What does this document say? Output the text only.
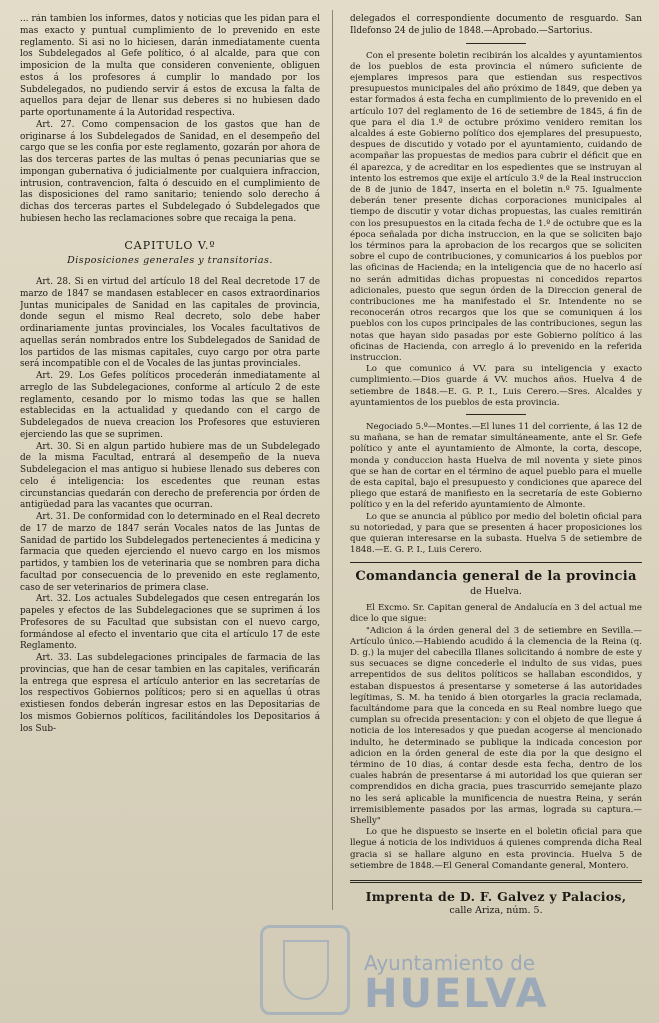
... rán tambien los informes, datos y noticias que les pidan para el mas exacto y puntual cumplimiento de lo prevenido en este reglamento. Si asi no lo hiciesen, darán inmediatamente cuenta los Subdelegados al Gefe político, ó al alcalde, para que con imposicion de la multa que consideren conveniente, obliguen estos á los profesores á cumplir lo mandado por los Subdelegados, no pudiendo servir á estos de excusa la falta de aquellos para dejar de llenar sus deberes si no hubiesen dado parte oportunamente á la Autoridad respectiva.

Art. 27. Como compensacion de los gastos que han de originarse á los Subdelegados de Sanidad, en el desempeño del cargo que se les confia por este reglamento, gozarán por ahora de las dos terceras partes de las multas ó penas pecuniarias que se impongan gubernativa ó judicialmente por cualquiera infraccion, intrusion, contravencion, falta ó descuido en el cumplimiento de las disposiciones del ramo sanitario; teniendo solo derecho á dichas dos terceras partes el Subdelegado ó Subdelegados que hubiesen hecho las reclamaciones sobre que recaiga la pena.

CAPITULO V.º

Disposiciones generales y transitorias.

Art. 28. Si en virtud del artículo 18 del Real decretode 17 de marzo de 1847 se mandasen establecer en casos extraordinarios Juntas municipales de Sanidad en las capitales de provincia, donde segun el mismo Real decreto, solo debe haber ordinariamente juntas provinciales, los Vocales facultativos de aquellas serán nombrados entre los Subdelegados de Sanidad de los partidos de las mismas capitales, cuyo cargo por otra parte será incompatible con el de Vocales de las juntas provinciales.

Art. 29. Los Gefes políticos procederán inmediatamente al arreglo de las Subdelegaciones, conforme al artículo 2 de este reglamento, cesando por lo mismo todas las que se hallen establecidas en la actualidad y quedando con el cargo de Subdelegados de nueva creacion los Profesores que estuvieren ejerciendo las que se suprimen.

Art. 30. Si en algun partido hubiere mas de un Subdelegado de la misma Facultad, entrará al desempeño de la nueva Subdelegacion el mas antiguo si hubiese llenado sus deberes con celo é inteligencia: los escedentes que reunan estas circunstancias quedarán con derecho de preferencia por órden de antigüedad para las vacantes que ocurran.

Art. 31. De conformidad con lo determinado en el Real decreto de 17 de marzo de 1847 serán Vocales natos de las Juntas de Sanidad de partido los Subdelegados pertenecientes á medicina y farmacia que queden ejerciendo el nuevo cargo en los mismos partidos, y tambien los de veterinaria que se nombren para dicha facultad por consecuencia de lo prevenido en este reglamento, caso de ser veterinarios de primera clase.

Art. 32. Los actuales Subdelegados que cesen entregarán los papeles y efectos de las Subdelegaciones que se suprimen á los Profesores de su Facultad que subsistan con el nuevo cargo, formándose al efecto el inventario que cita el artículo 17 de este Reglamento.

Art. 33. Las subdelegaciones principales de farmacia de las provincias, que han de cesar tambien en las capitales, verificarán la entrega que espresa el artículo anterior en las secretarías de los respectivos Gobiernos políticos; pero si en aquellas ú otras existiesen fondos deberán ingresar estos en las Depositarias de los mismos Gobiernos políticos, facilitándoles los Depositarios á los Sub-

delegados el correspondiente documento de resguardo. San Ildefonso 24 de julio de 1848.—Aprobado.—Sartorius.

Con el presente boletin recibirán los alcaldes y ayuntamientos de los pueblos de esta provincia el número suficiente de ejemplares impresos para que estiendan sus respectivos presupuestos municipales del año próximo de 1849, que deben ya estar formados á esta fecha en cumplimiento de lo prevenido en el artículo 107 del reglamento de 16 de setiembre de 1845, á fin de que para el dia 1.º de octubre próximo venidero remitan los alcaldes á este Gobierno político dos ejemplares del presupuesto, despues de discutido y votado por el ayuntamiento, cuidando de acompañar las propuestas de medios para cubrir el déficit que en él aparezca, y de acreditar en los espedientes que se instruyan al intento los estremos que exije el artículo 3.º de la Real instruccion de 8 de junio de 1847, inserta en el boletin n.º 75. Igualmente deberán tener presente dichas corporaciones municipales al tiempo de discutir y votar dichas propuestas, las cuales remitirán con los presupuestos en la citada fecha de 1.º de octubre que es la época señalada por dicha instruccion, en la que se soliciten bajo los términos para la aprobacion de los recargos que se soliciten sobre el cupo de contribuciones, y comunicarios á los pueblos por las oficinas de Hacienda; en la inteligencia que de no hacerlo así no serán admitidas dichas propuestas ni concedidos repartos adicionales, puesto que segun órden de la Direccion general de contribuciones me ha manifestado el Sr. Intendente no se reconocerán otros recargos que los que se comuniquen á los pueblos con los cupos principales de las contribuciones, segun las notas que hayan sido pasadas por este Gobierno político á las oficinas de Hacienda, con arreglo á lo prevenido en la referida instruccion.

Lo que comunico á VV. para su inteligencia y exacto cumplimiento.—Dios guarde á VV. muchos años. Huelva 4 de setiembre de 1848.—E. G. P. I., Luis Cerero.—Sres. Alcaldes y ayuntamientos de los pueblos de esta provincia.

Negociado 5.º—Montes.—El lunes 11 del corriente, á las 12 de su mañana, se han de rematar simultáneamente, ante el Sr. Gefe político y ante el ayuntamiento de Almonte, la corta, descope, monda y conduccion hasta Huelva de mil noventa y siete pinos que se han de cortar en el término de aquel pueblo para el muelle de esta capital, bajo el presupuesto y condiciones que aparece del pliego que estará de manifiesto en la secretaría de este Gobierno político y en la del referido ayuntamiento de Almonte.

Lo que se anuncia al público por medio del boletin oficial para su notoriedad, y para que se presenten á hacer proposiciones los que quieran interesarse en la subasta. Huelva 5 de setiembre de 1848.—E. G. P. I., Luis Cerero.

Comandancia general de la provincia

de Huelva.

El Excmo. Sr. Capitan general de Andalucía en 3 del actual me dice lo que sigue:

"Adicion á la órden general del 3 de setiembre en Sevilla.—Artículo único.—Habiendo acudido á la clemencia de la Reina (q. D. g.) la mujer del cabecilla Illanes solicitando á nombre de este y sus secuaces se digne concederle el indulto de sus vidas, pues arrepentidos de sus delitos políticos se hallaban escondidos, y estaban dispuestos á presentarse y someterse á las autoridades legítimas, S. M. ha tenido á bien otorgarles la gracia reclamada, facultándome para que la conceda en su Real nombre luego que cumplan su ofrecida presentacion: y con el objeto de que llegue á noticia de los interesados y que puedan acogerse al mencionado indulto, he determinado se publique la indicada concesion por adicion en la órden general de este dia por la que designo el término de 10 dias, á contar desde esta fecha, dentro de los cuales habrán de presentarse á mi autoridad los que quieran ser comprendidos en dicha gracia, pues trascurrido semejante plazo no les será aplicable la munificencia de nuestra Reina, y serán irremisiblemente pasados por las armas, lograda su captura.—Shelly"

Lo que he dispuesto se inserte en el boletin oficial para que llegue á noticia de los individuos á quienes comprenda dicha Real gracia si se hallare alguno en esta provincia. Huelva 5 de setiembre de 1848.—El General Comandante general, Montero.

Imprenta de D. F. Galvez y Palacios,

calle Ariza, núm. 5.

Ayuntamiento de
HUELVA
